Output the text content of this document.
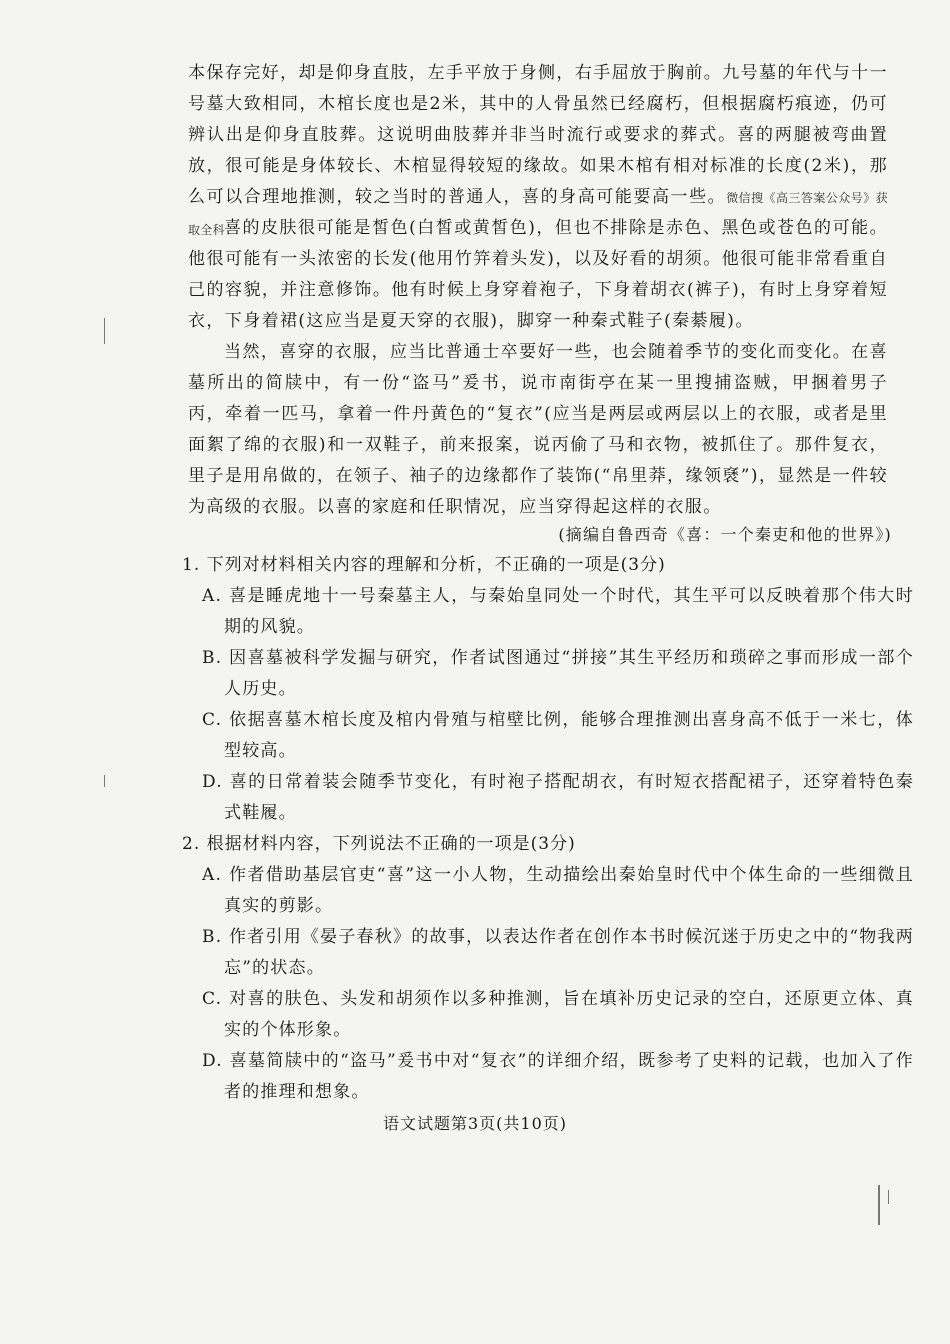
本保存完好，却是仰身直肢，左手平放于身侧，右手屈放于胸前。九号墓的年代与十一号墓大致相同，木棺长度也是2米，其中的人骨虽然已经腐朽，但根据腐朽痕迹，仍可辨认出是仰身直肢葬。这说明曲肢葬并非当时流行或要求的葬式。喜的两腿被弯曲置放，很可能是身体较长、木棺显得较短的缘故。如果木棺有相对标准的长度(2米)，那么可以合理地推测，较之当时的普通人，喜的身高可能要高一些。微信搜《高三答案公众号》获取全科 喜的皮肤很可能是皙色(白皙或黄皙色)，但也不排除是赤色、黑色或苍色的可能。他很可能有一头浓密的长发(他用竹笄着头发)，以及好看的胡须。他很可能非常看重自己的容貌，并注意修饰。他有时候上身穿着袍子，下身着胡衣(裤子)，有时上身穿着短衣，下身着裙(这应当是夏天穿的衣服)，脚穿一种秦式鞋子(秦綦履)。

当然，喜穿的衣服，应当比普通士卒要好一些，也会随着季节的变化而变化。在喜墓所出的简牍中，有一份“盗马”爰书，说市南街亭在某一里搜捕盗贼，甲捆着男子丙，牵着一匹马，拿着一件丹黄色的“复衣”(应当是两层或两层以上的衣服，或者是里面絮了绵的衣服)和一双鞋子，前来报案，说丙偷了马和衣物，被抓住了。那件复衣，里子是用帛做的，在领子、袖子的边缘都作了装饰(“帛里莽，缘领褎”)，显然是一件较为高级的衣服。以喜的家庭和任职情况，应当穿得起这样的衣服。

(摘编自鲁西奇《喜：一个秦吏和他的世界》)
1. 下列对材料相关内容的理解和分析，不正确的一项是(3分)
A. 喜是睡虎地十一号秦墓主人，与秦始皇同处一个时代，其生平可以反映着那个伟大时期的风貌。
B. 因喜墓被科学发掘与研究，作者试图通过“拼接”其生平经历和琐碎之事而形成一部个人历史。
C. 依据喜墓木棺长度及棺内骨殖与棺壁比例，能够合理推测出喜身高不低于一米七，体型较高。
D. 喜的日常着装会随季节变化，有时袍子搭配胡衣，有时短衣搭配裙子，还穿着特色秦式鞋履。
2. 根据材料内容，下列说法不正确的一项是(3分)
A. 作者借助基层官吏“喜”这一小人物，生动描绘出秦始皇时代中个体生命的一些细微且真实的剪影。
B. 作者引用《晏子春秋》的故事，以表达作者在创作本书时候沉迷于历史之中的“物我两忘”的状态。
C. 对喜的肤色、头发和胡须作以多种推测，旨在填补历史记录的空白，还原更立体、真实的个体形象。
D. 喜墓简牍中的“盗马”爰书中对“复衣”的详细介绍，既参考了史料的记载，也加入了作者的推理和想象。
语文试题第3页(共10页)
